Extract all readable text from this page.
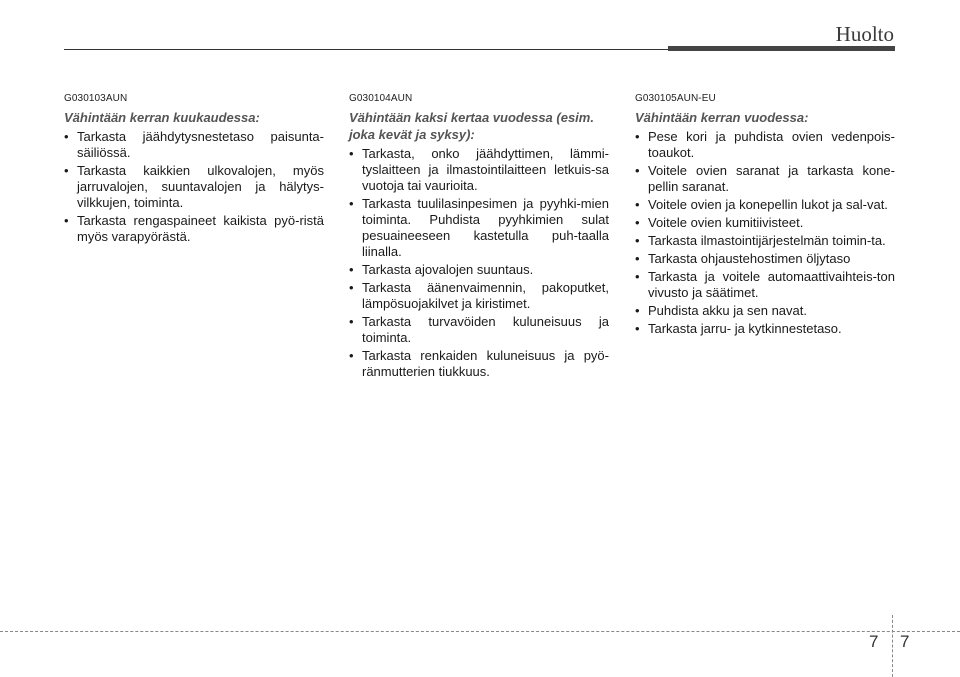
Huolto
G030103AUN
Vähintään kerran kuukaudessa:
• Tarkasta jäähdytysnestetaso paisunta-säiliössä.
• Tarkasta kaikkien ulkovalojen, myös jarruvalojen, suuntavalojen ja hälytys-vilkkujen, toiminta.
• Tarkasta rengaspaineet kaikista pyö-ristä myös varapyörästä.
G030104AUN
Vähintään kaksi kertaa vuodessa (esim. joka kevät ja syksy):
• Tarkasta, onko jäähdyttimen, lämmi-tyslaitteen ja ilmastointilaitteen letkuis-sa vuotoja tai vaurioita.
• Tarkasta tuulilasinpesimen ja pyyhki-mien toiminta. Puhdista pyyhkimien sulat pesuaineeseen kastetulla puh-taalla liinalla.
• Tarkasta ajovalojen suuntaus.
• Tarkasta äänenvaimennin, pakoputket, lämpösuojakilvet ja kiristimet.
• Tarkasta turvavöiden kuluneisuus ja toiminta.
• Tarkasta renkaiden kuluneisuus ja pyö-ränmutterien tiukkuus.
G030105AUN-EU
Vähintään kerran vuodessa:
• Pese kori ja puhdista ovien vedenpois-toaukot.
• Voitele ovien saranat ja tarkasta kone-pellin saranat.
• Voitele ovien ja konepellin lukot ja sal-vat.
• Voitele ovien kumitiivisteet.
• Tarkasta ilmastointijärjestelmän toimin-ta.
• Tarkasta ohjaustehostimen öljytaso
• Tarkasta ja voitele automaattivaihteis-ton vivusto ja säätimet.
• Puhdista akku ja sen navat.
• Tarkasta jarru- ja kytkinnestetaso.
7 7
